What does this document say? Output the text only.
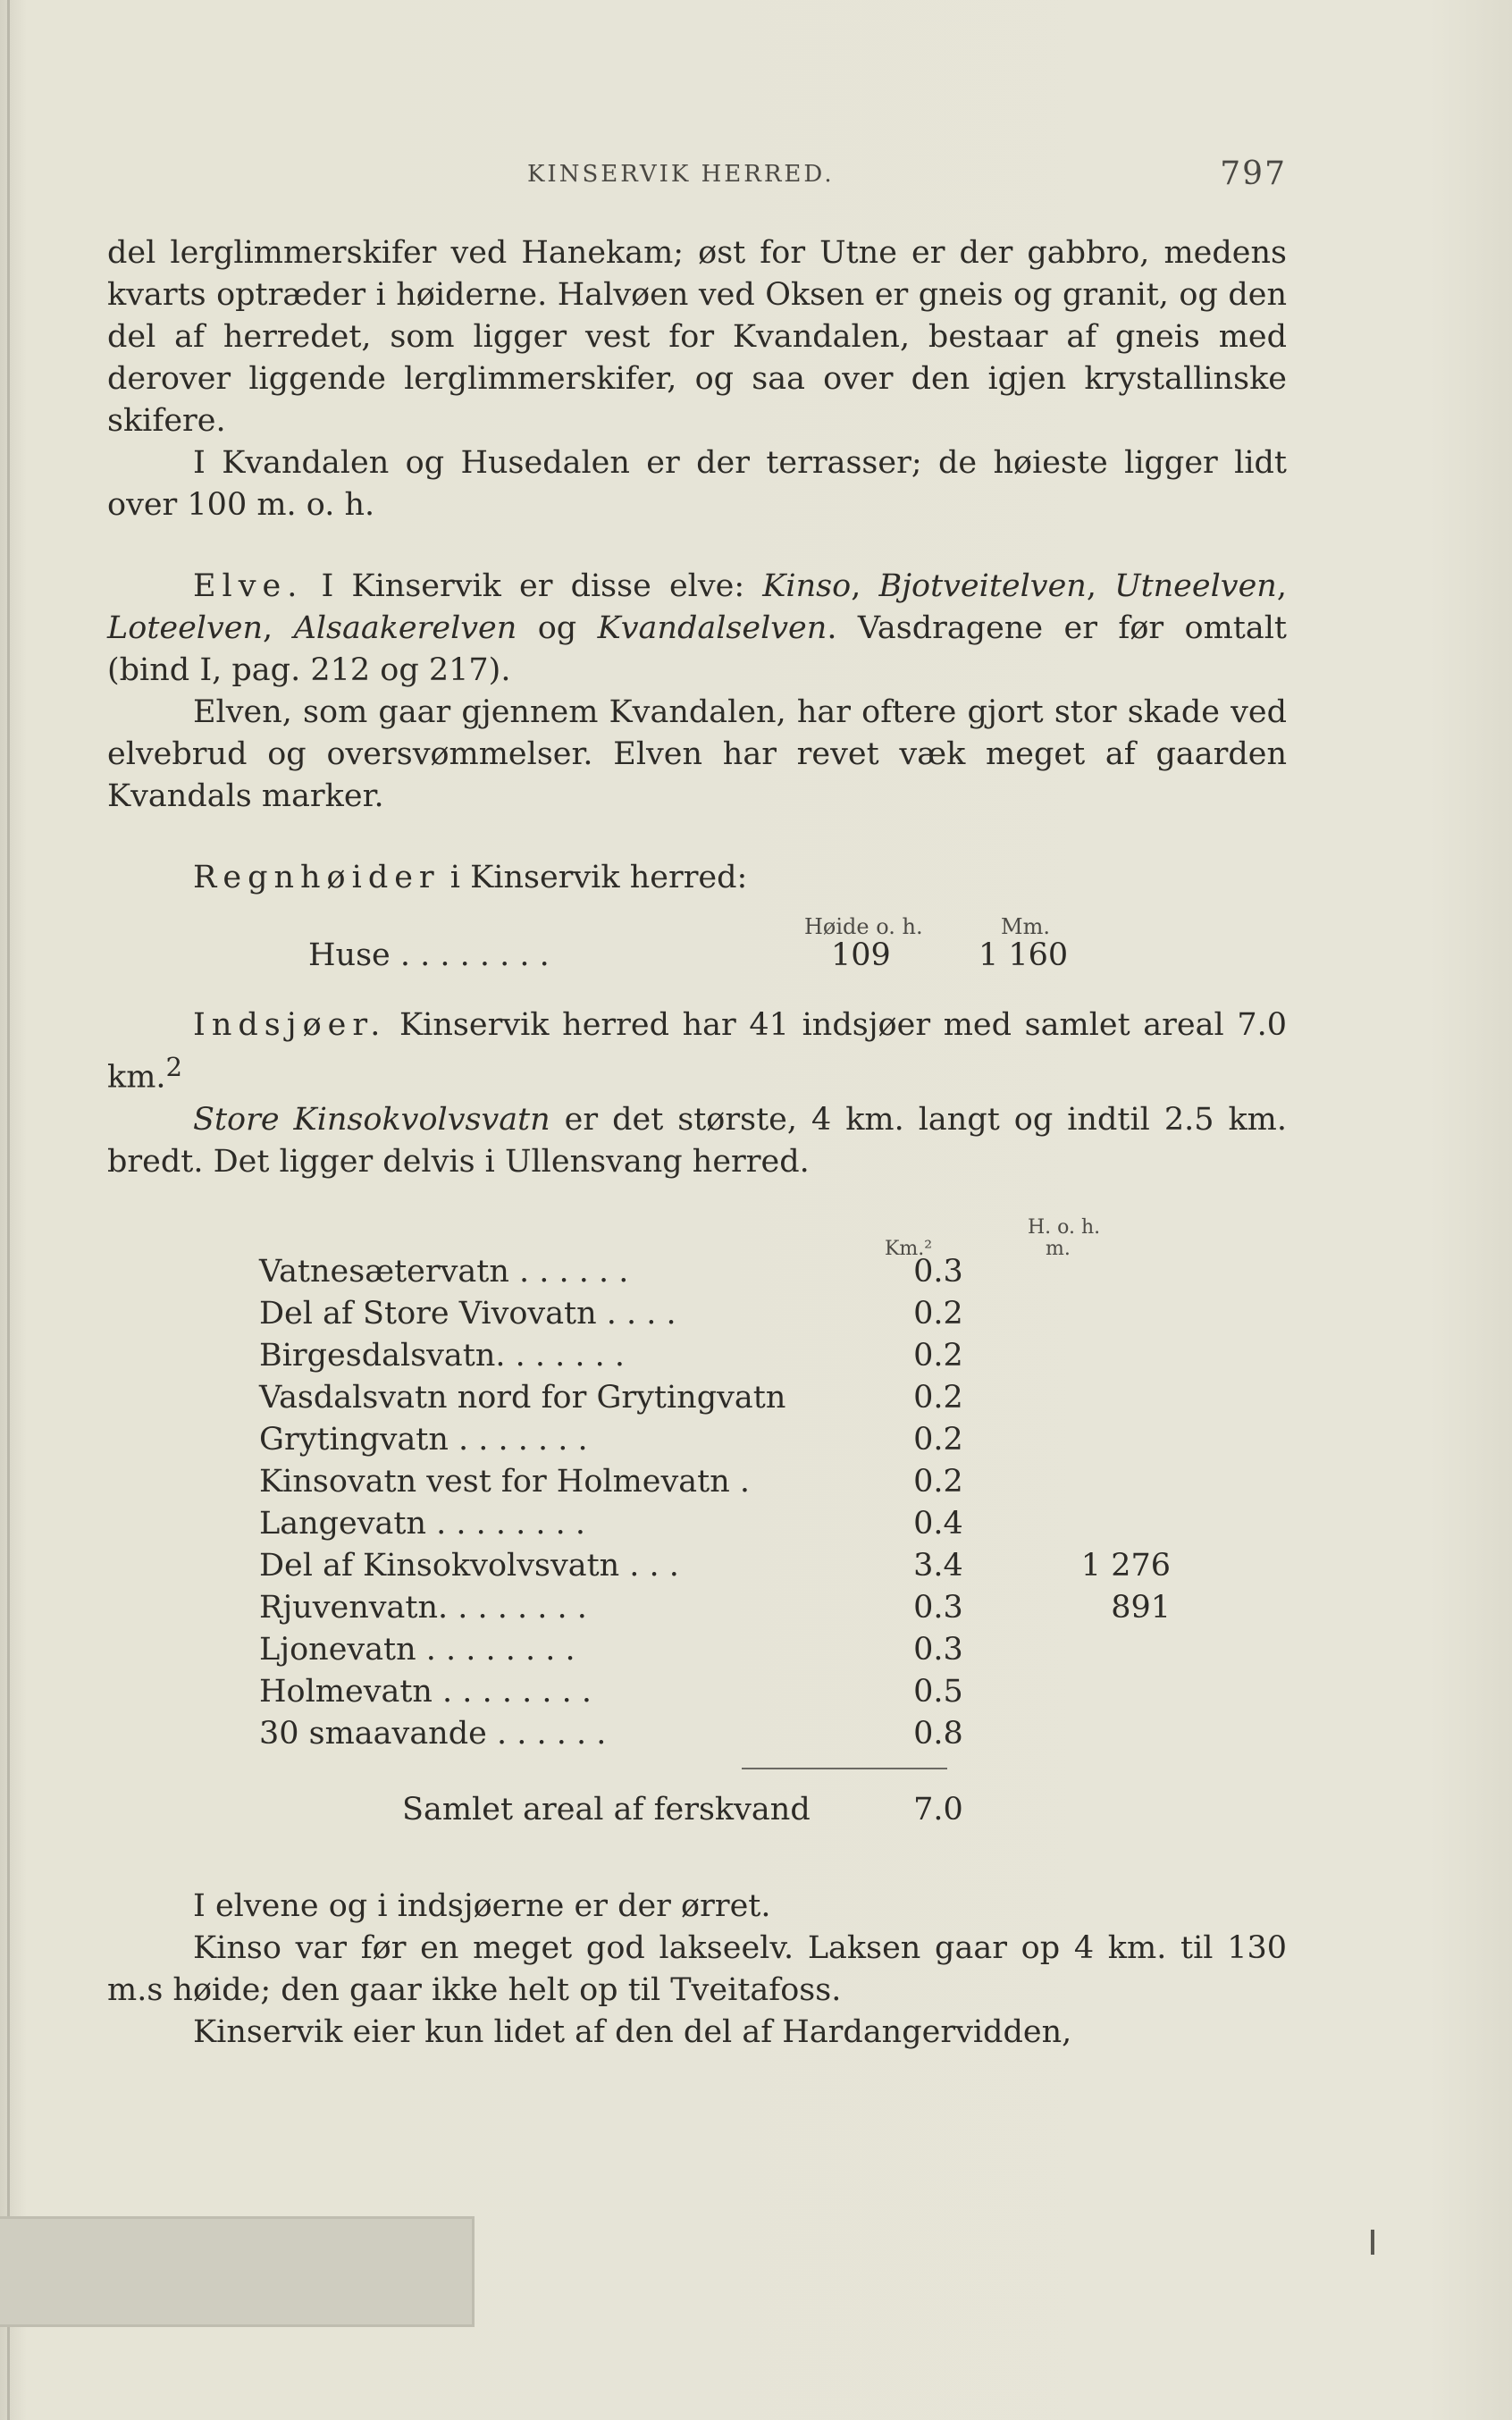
KINSERVIK HERRED.	797

del lerglimmerskifer ved Hanekam; øst for Utne er der gabbro, medens kvarts optræder i høiderne. Halvøen ved Oksen er gneis og granit, og den del af herredet, som ligger vest for Kvandalen, bestaar af gneis med derover liggende lerglimmerskifer, og saa over den igjen krystallinske skifere.

I Kvandalen og Husedalen er der terrasser; de høieste ligger lidt over 100 m. o. h.

Elve. I Kinservik er disse elve: Kinso, Bjotveitelven, Utneelven, Loteelven, Alsaakerelven og Kvandalselven. Vasdragene er før omtalt (bind I, pag. 212 og 217).

Elven, som gaar gjennem Kvandalen, har oftere gjort stor skade ved elvebrud og oversvømmelser. Elven har revet væk meget af gaarden Kvandals marker.

Regnhøider i Kinservik herred:

Høide o. h.	Mm.
Huse . . . . . . . .	109	1 160

Indsjøer. Kinservik herred har 41 indsjøer med samlet areal 7.0 km.$^2$

Store Kinsokvolvsvatn er det største, 4 km. langt og indtil 2.5 km. bredt. Det ligger delvis i Ullensvang herred.

H. o. h.
m.
Km.²
Vatnesætervatn . . . . . .	0.3
Del af Store Vivovatn . . . .	0.2
Birgesdalsvatn. . . . . . .	0.2
Vasdalsvatn nord for Grytingvatn	0.2
Grytingvatn . . . . . . .	0.2
Kinsovatn vest for Holmevatn .	0.2
Langevatn . . . . . . . .	0.4
Del af Kinsokvolvsvatn . . .	3.4	1 276
Rjuvenvatn. . . . . . . .	0.3	891
Ljonevatn . . . . . . . .	0.3
Holmevatn . . . . . . . .	0.5
30 smaavande . . . . . .	0.8
Samlet areal af ferskvand	7.0

I elvene og i indsjøerne er der ørret.

Kinso var før en meget god lakseelv. Laksen gaar op 4 km. til 130 m.s høide; den gaar ikke helt op til Tveitafoss.

Kinservik eier kun lidet af den del af Hardangervidden,
